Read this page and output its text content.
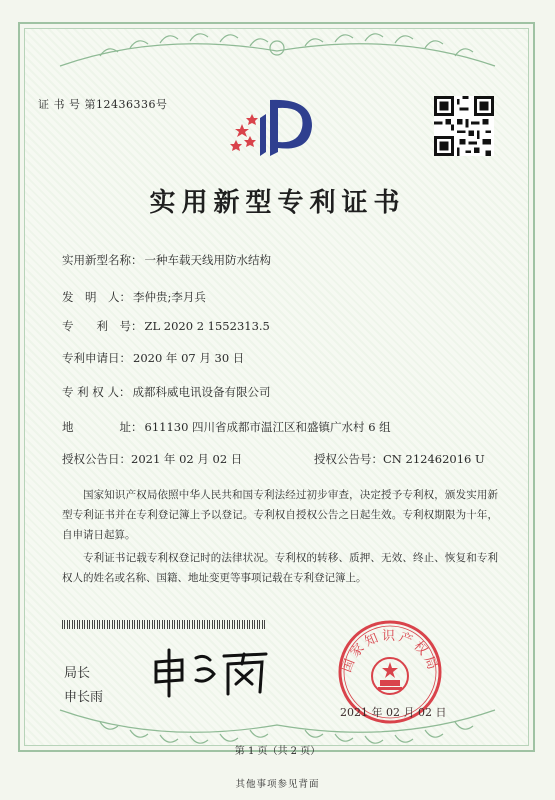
证 书 号 第12436336号
实用新型专利证书
实用新型名称： 一种车载天线用防水结构
发　明　人： 李仲贵;李月兵
专　　利　号： ZL 2020 2 1552313.5
专利申请日： 2020 年 07 月 30 日
专 利 权 人： 成都科威电讯设备有限公司
地　　　　址： 611130 四川省成都市温江区和盛镇广水村 6 组
授权公告日：2021 年 02 月 02 日	授权公告号：CN 212462016 U

国家知识产权局依照中华人民共和国专利法经过初步审查，决定授予专利权，颁发实用新型专利证书并在专利登记簿上予以登记。专利权自授权公告之日起生效。专利权期限为十年，自申请日起算。

专利证书记载专利权登记时的法律状况。专利权的转移、质押、无效、终止、恢复和专利权人的姓名或名称、国籍、地址变更等事项记载在专利登记簿上。

局长
申长雨
国家知识产权局
2021 年 02 月 02 日
第 1 页（共 2 页）
其他事项参见背面
